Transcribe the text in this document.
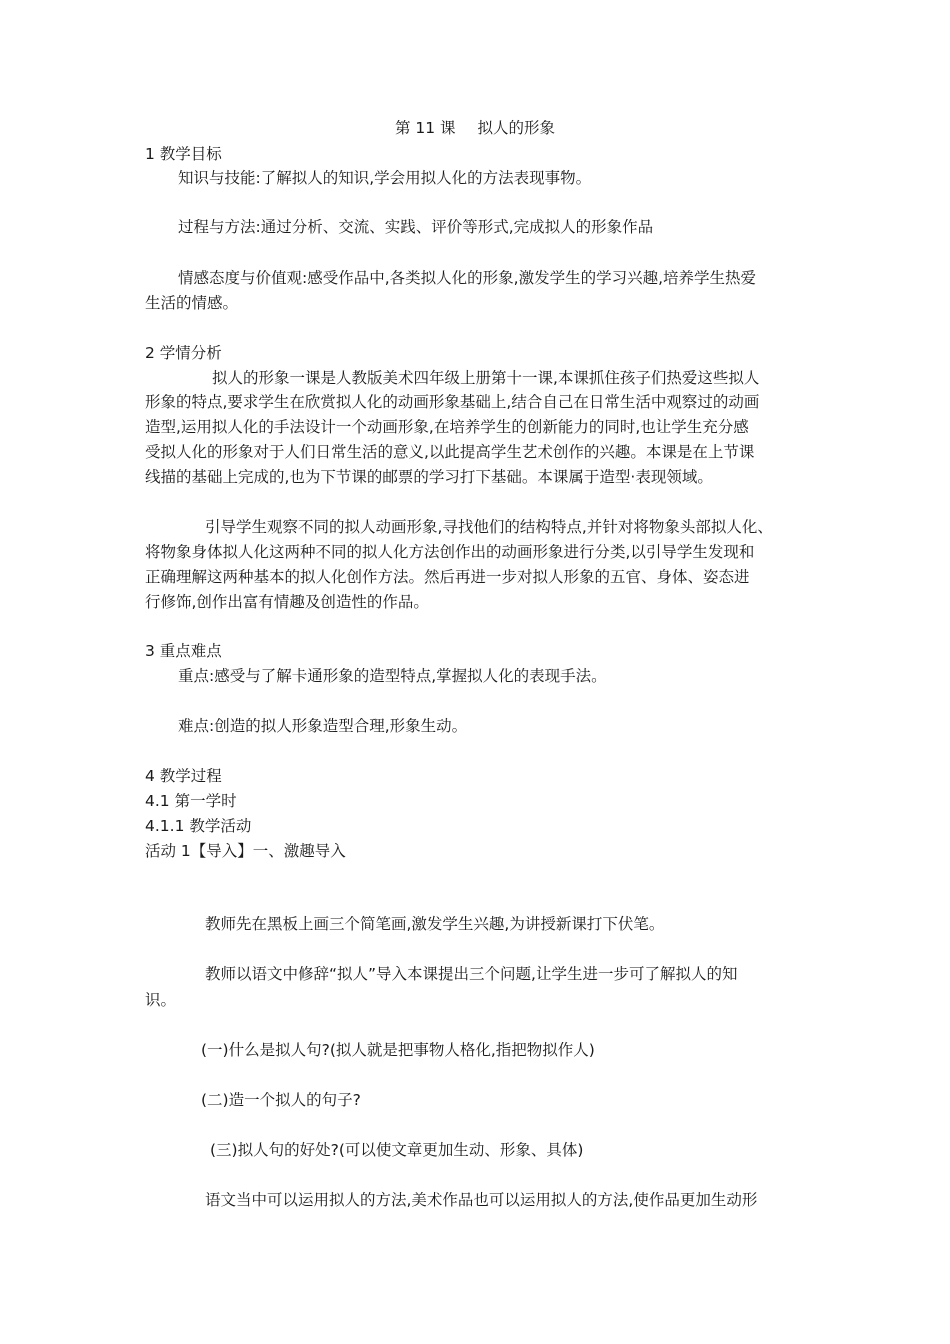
第 11 课 拟人的形象
1 教学目标
知识与技能:了解拟人的知识,学会用拟人化的方法表现事物。
过程与方法:通过分析、交流、实践、评价等形式,完成拟人的形象作品
情感态度与价值观:感受作品中,各类拟人化的形象,激发学生的学习兴趣,培养学生热爱
生活的情感。
2 学情分析
拟人的形象一课是人教版美术四年级上册第十一课,本课抓住孩子们热爱这些拟人
形象的特点,要求学生在欣赏拟人化的动画形象基础上,结合自己在日常生活中观察过的动画
造型,运用拟人化的手法设计一个动画形象,在培养学生的创新能力的同时,也让学生充分感
受拟人化的形象对于人们日常生活的意义,以此提高学生艺术创作的兴趣。本课是在上节课
线描的基础上完成的,也为下节课的邮票的学习打下基础。本课属于造型·表现领域。
引导学生观察不同的拟人动画形象,寻找他们的结构特点,并针对将物象头部拟人化、
将物象身体拟人化这两种不同的拟人化方法创作出的动画形象进行分类,以引导学生发现和
正确理解这两种基本的拟人化创作方法。然后再进一步对拟人形象的五官、身体、姿态进
行修饰,创作出富有情趣及创造性的作品。
3 重点难点
重点:感受与了解卡通形象的造型特点,掌握拟人化的表现手法。
难点:创造的拟人形象造型合理,形象生动。
4 教学过程
4.1 第一学时
4.1.1 教学活动
活动 1【导入】一、激趣导入
教师先在黑板上画三个简笔画,激发学生兴趣,为讲授新课打下伏笔。
教师以语文中修辞“拟人”导入本课提出三个问题,让学生进一步可了解拟人的知
识。
(一)什么是拟人句?(拟人就是把事物人格化,指把物拟作人)
(二)造一个拟人的句子?
(三)拟人句的好处?(可以使文章更加生动、形象、具体)
语文当中可以运用拟人的方法,美术作品也可以运用拟人的方法,使作品更加生动形
